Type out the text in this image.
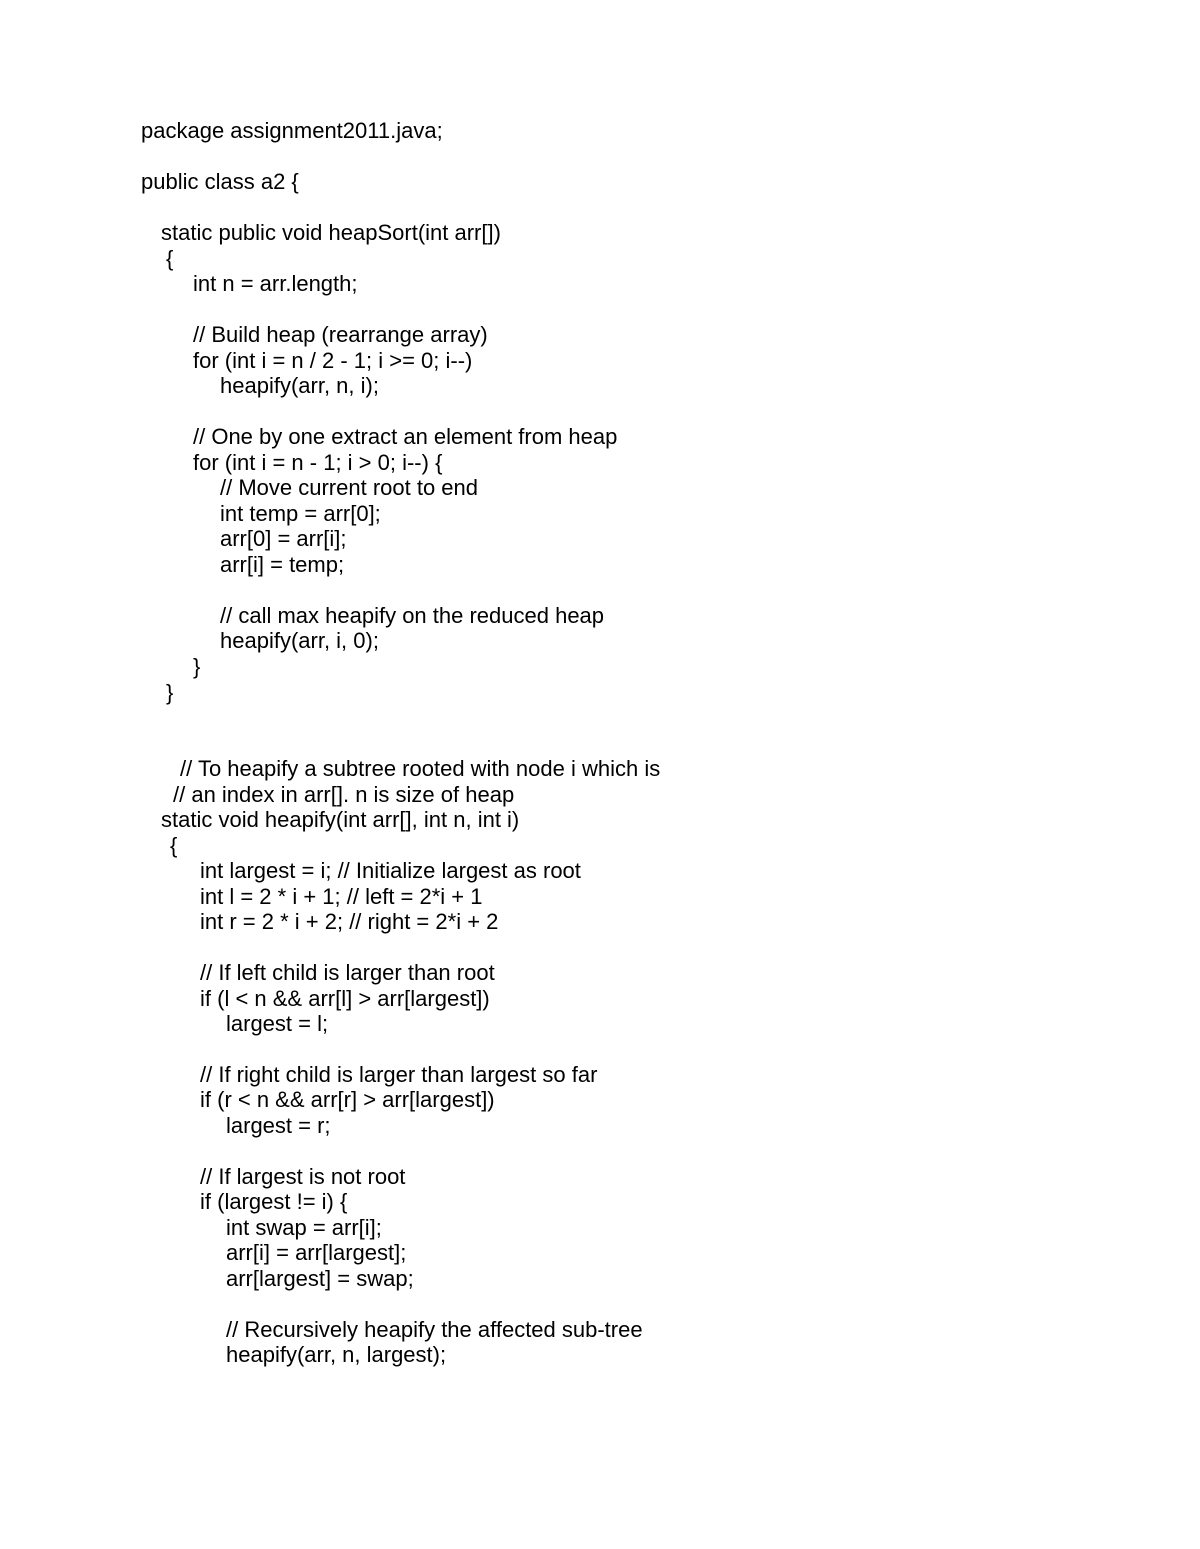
package assignment2011.java;
public class a2 {
static public void heapSort(int arr[])
{
int n = arr.length;
// Build heap (rearrange array)
for (int i = n / 2 - 1; i >= 0; i--)
heapify(arr, n, i);
// One by one extract an element from heap
for (int i = n - 1; i > 0; i--) {
// Move current root to end
int temp = arr[0];
arr[0] = arr[i];
arr[i] = temp;
// call max heapify on the reduced heap
heapify(arr, i, 0);
}
}
// To heapify a subtree rooted with node i which is
// an index in arr[]. n is size of heap
static void heapify(int arr[], int n, int i)
{
int largest = i; // Initialize largest as root
int l = 2 * i + 1; // left = 2*i + 1
int r = 2 * i + 2; // right = 2*i + 2
// If left child is larger than root
if (l < n && arr[l] > arr[largest])
largest = l;
// If right child is larger than largest so far
if (r < n && arr[r] > arr[largest])
largest = r;
// If largest is not root
if (largest != i) {
int swap = arr[i];
arr[i] = arr[largest];
arr[largest] = swap;
// Recursively heapify the affected sub-tree
heapify(arr, n, largest);
